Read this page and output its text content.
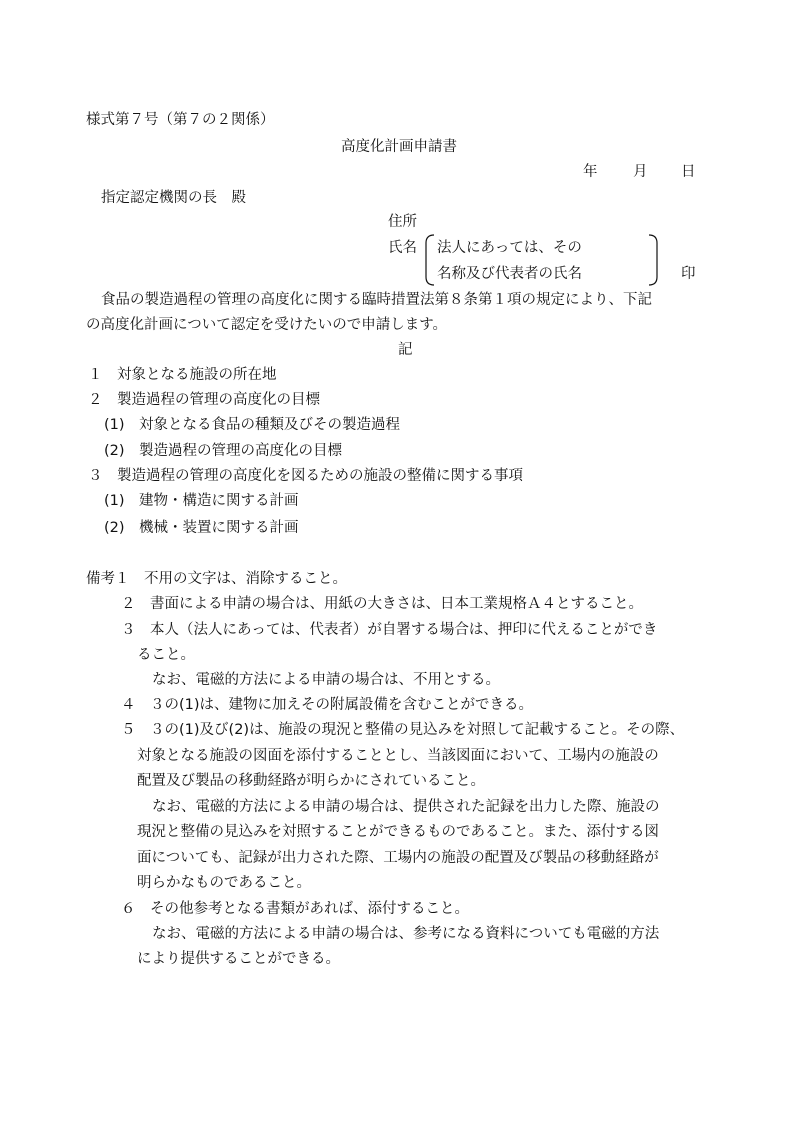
様式第７号（第７の２関係）
高度化計画申請書
年 月 日
指定認定機関の長　殿
住所
氏名 法人にあっては、その
名称及び代表者の氏名	印
食品の製造過程の管理の高度化に関する臨時措置法第８条第１項の規定により、下記
の高度化計画について認定を受けたいので申請します。
記
１　対象となる施設の所在地
２　製造過程の管理の高度化の目標
(1)　対象となる食品の種類及びその製造過程
(2)　製造過程の管理の高度化の目標
３　製造過程の管理の高度化を図るための施設の整備に関する事項
(1)　建物・構造に関する計画
(2)　機械・装置に関する計画
備考１　不用の文字は、消除すること。
２　書面による申請の場合は、用紙の大きさは、日本工業規格Ａ４とすること。
３　本人（法人にあっては、代表者）が自署する場合は、押印に代えることができ
ること。
なお、電磁的方法による申請の場合は、不用とする。
４　３の(1)は、建物に加えその附属設備を含むことができる。
５　３の(1)及び(2)は、施設の現況と整備の見込みを対照して記載すること。その際、
対象となる施設の図面を添付することとし、当該図面において、工場内の施設の
配置及び製品の移動経路が明らかにされていること。
なお、電磁的方法による申請の場合は、提供された記録を出力した際、施設の
現況と整備の見込みを対照することができるものであること。また、添付する図
面についても、記録が出力された際、工場内の施設の配置及び製品の移動経路が
明らかなものであること。
６　その他参考となる書類があれば、添付すること。
なお、電磁的方法による申請の場合は、参考になる資料についても電磁的方法
により提供することができる。
